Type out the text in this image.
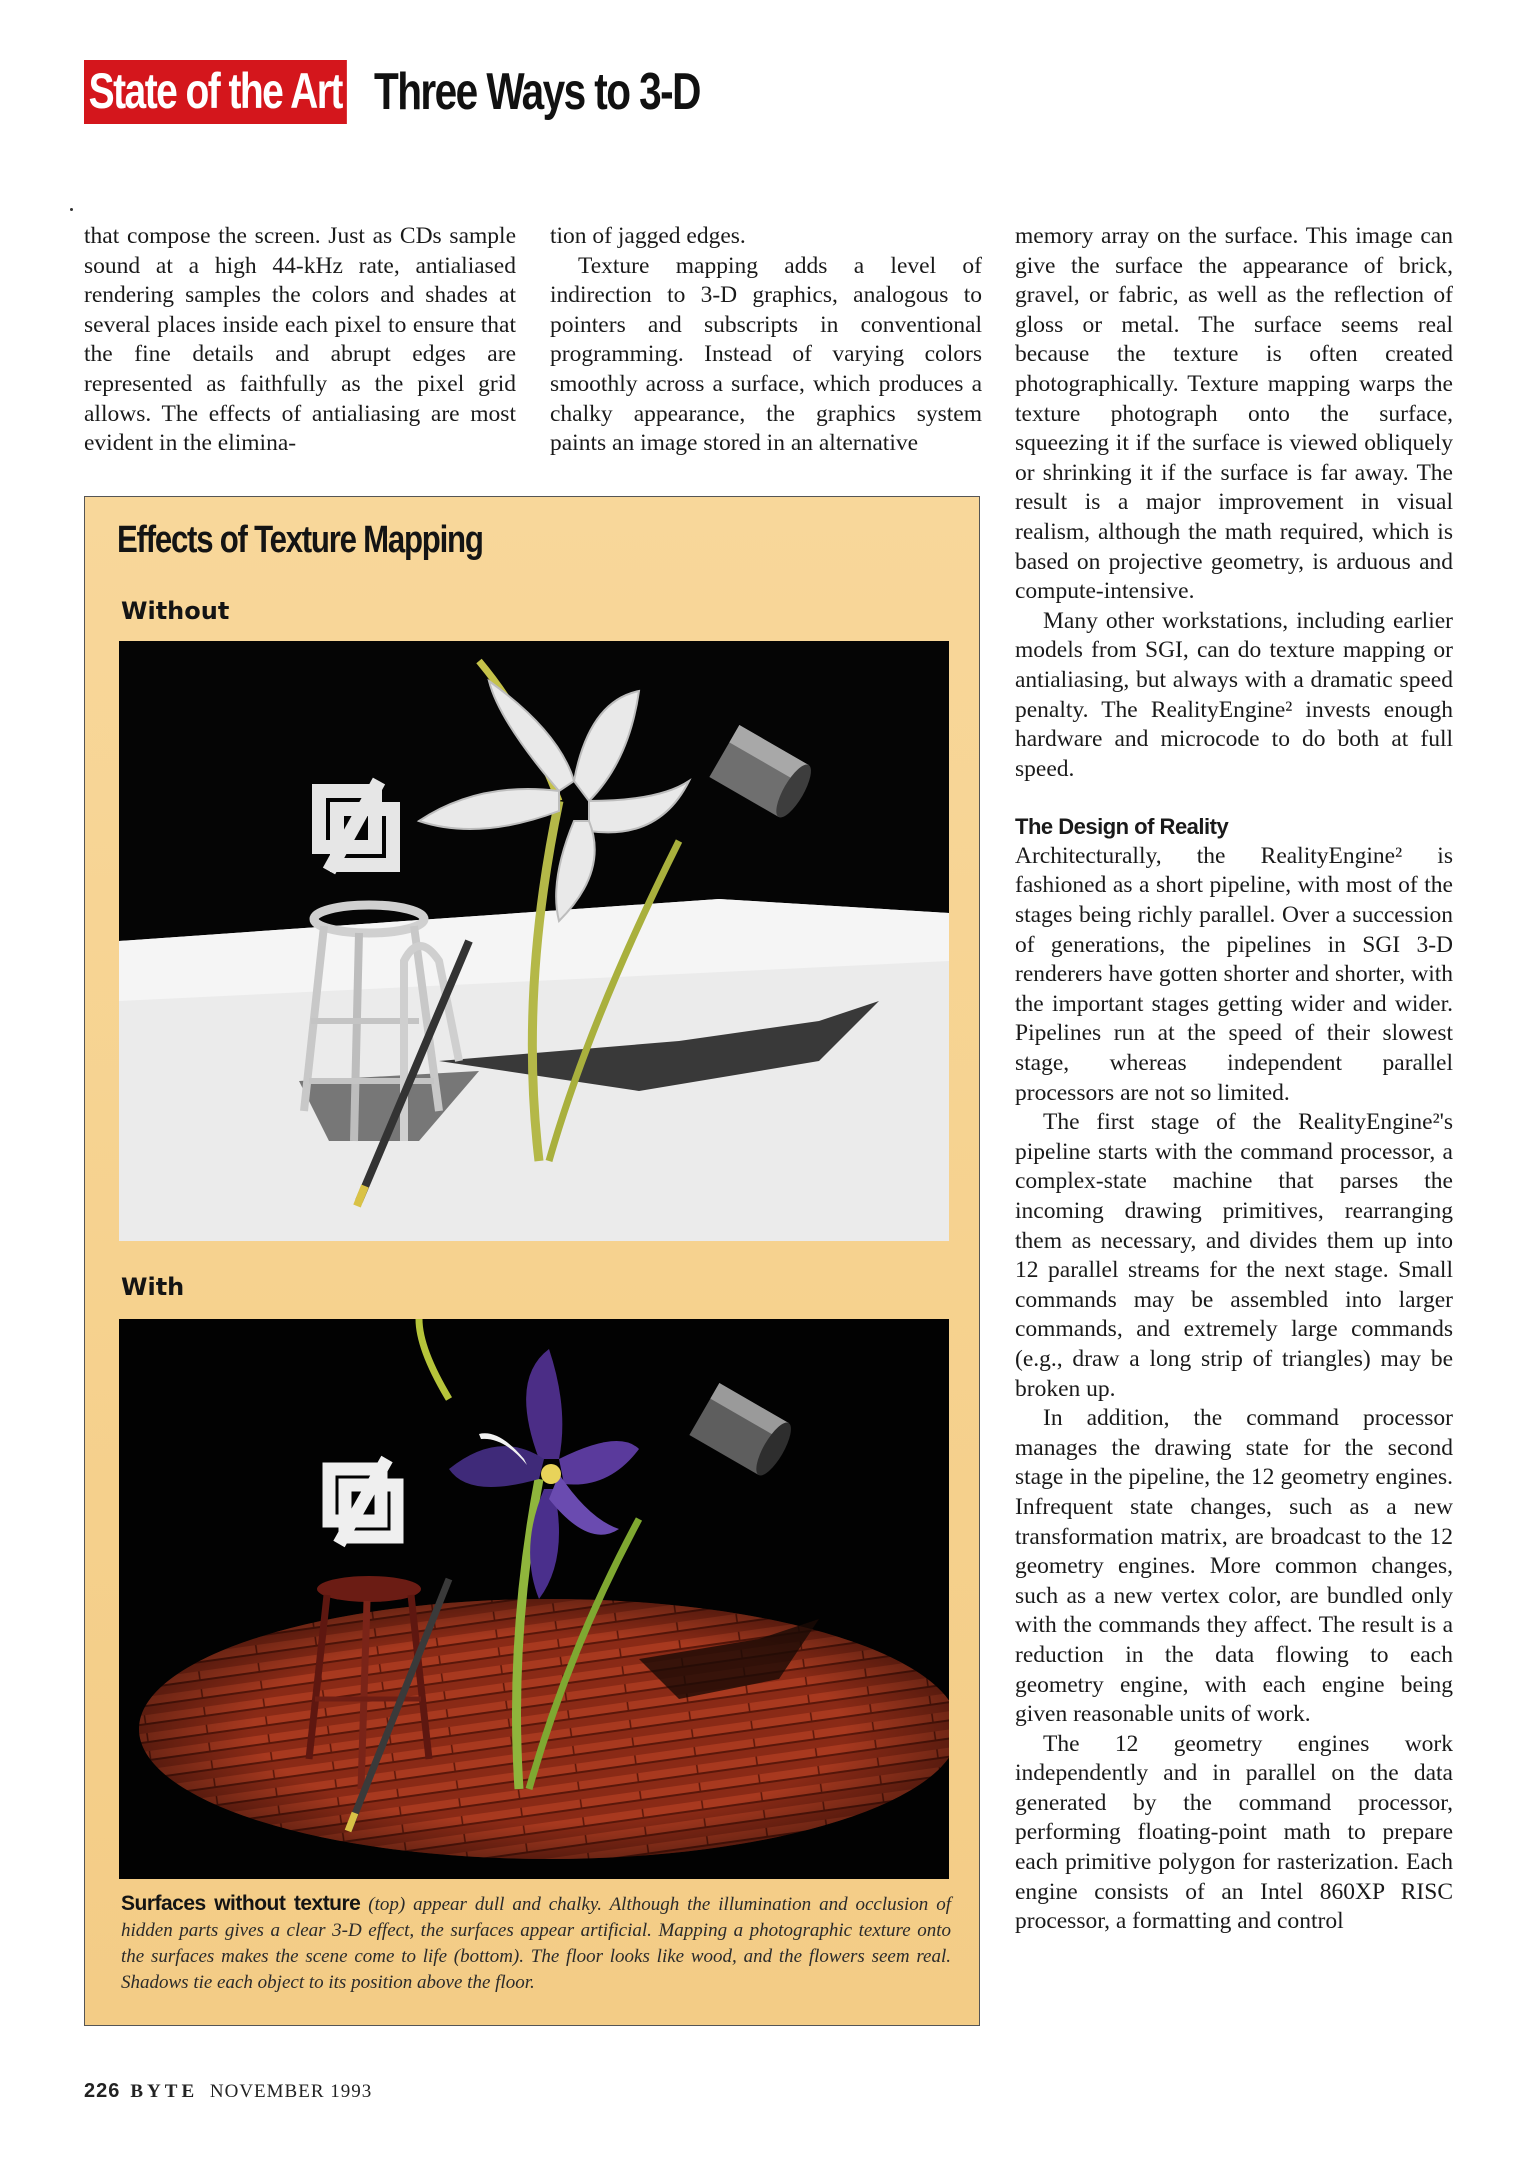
State of the Art Three Ways to 3-D

that compose the screen. Just as CDs sample sound at a high 44-kHz rate, antialiased rendering samples the colors and shades at several places inside each pixel to ensure that the fine details and abrupt edges are represented as faithfully as the pixel grid allows. The effects of antialiasing are most evident in the elimina-

tion of jagged edges.

Texture mapping adds a level of indirection to 3-D graphics, analogous to pointers and subscripts in conventional programming. Instead of varying colors smoothly across a surface, which produces a chalky appearance, the graphics system paints an image stored in an alternative

memory array on the surface. This image can give the surface the appearance of brick, gravel, or fabric, as well as the reflection of gloss or metal. The surface seems real because the texture is often created photographically. Texture mapping warps the texture photograph onto the surface, squeezing it if the surface is viewed obliquely or shrinking it if the surface is far away. The result is a major improvement in visual realism, although the math required, which is based on projective geometry, is arduous and compute-intensive.

Many other workstations, including earlier models from SGI, can do texture mapping or antialiasing, but always with a dramatic speed penalty. The RealityEngine² invests enough hardware and microcode to do both at full speed.

The Design of Reality

Architecturally, the RealityEngine² is fashioned as a short pipeline, with most of the stages being richly parallel. Over a succession of generations, the pipelines in SGI 3-D renderers have gotten shorter and shorter, with the important stages getting wider and wider. Pipelines run at the speed of their slowest stage, whereas independent parallel processors are not so limited.

The first stage of the RealityEngine²'s pipeline starts with the command processor, a complex-state machine that parses the incoming drawing primitives, rearranging them as necessary, and divides them up into 12 parallel streams for the next stage. Small commands may be assembled into larger commands, and extremely large commands (e.g., draw a long strip of triangles) may be broken up.

In addition, the command processor manages the drawing state for the second stage in the pipeline, the 12 geometry engines. Infrequent state changes, such as a new transformation matrix, are broadcast to the 12 geometry engines. More common changes, such as a new vertex color, are bundled only with the commands they affect. The result is a reduction in the data flowing to each geometry engine, with each engine being given reasonable units of work.

The 12 geometry engines work independently and in parallel on the data generated by the command processor, performing floating-point math to prepare each primitive polygon for rasterization. Each engine consists of an Intel 860XP RISC processor, a formatting and control

Effects of Texture Mapping
Without
With
Surfaces without texture (top) appear dull and chalky. Although the illumination and occlusion of hidden parts gives a clear 3-D effect, the surfaces appear artificial. Mapping a photographic texture onto the surfaces makes the scene come to life (bottom). The floor looks like wood, and the flowers seem real. Shadows tie each object to its position above the floor.
226 BYTE NOVEMBER 1993
